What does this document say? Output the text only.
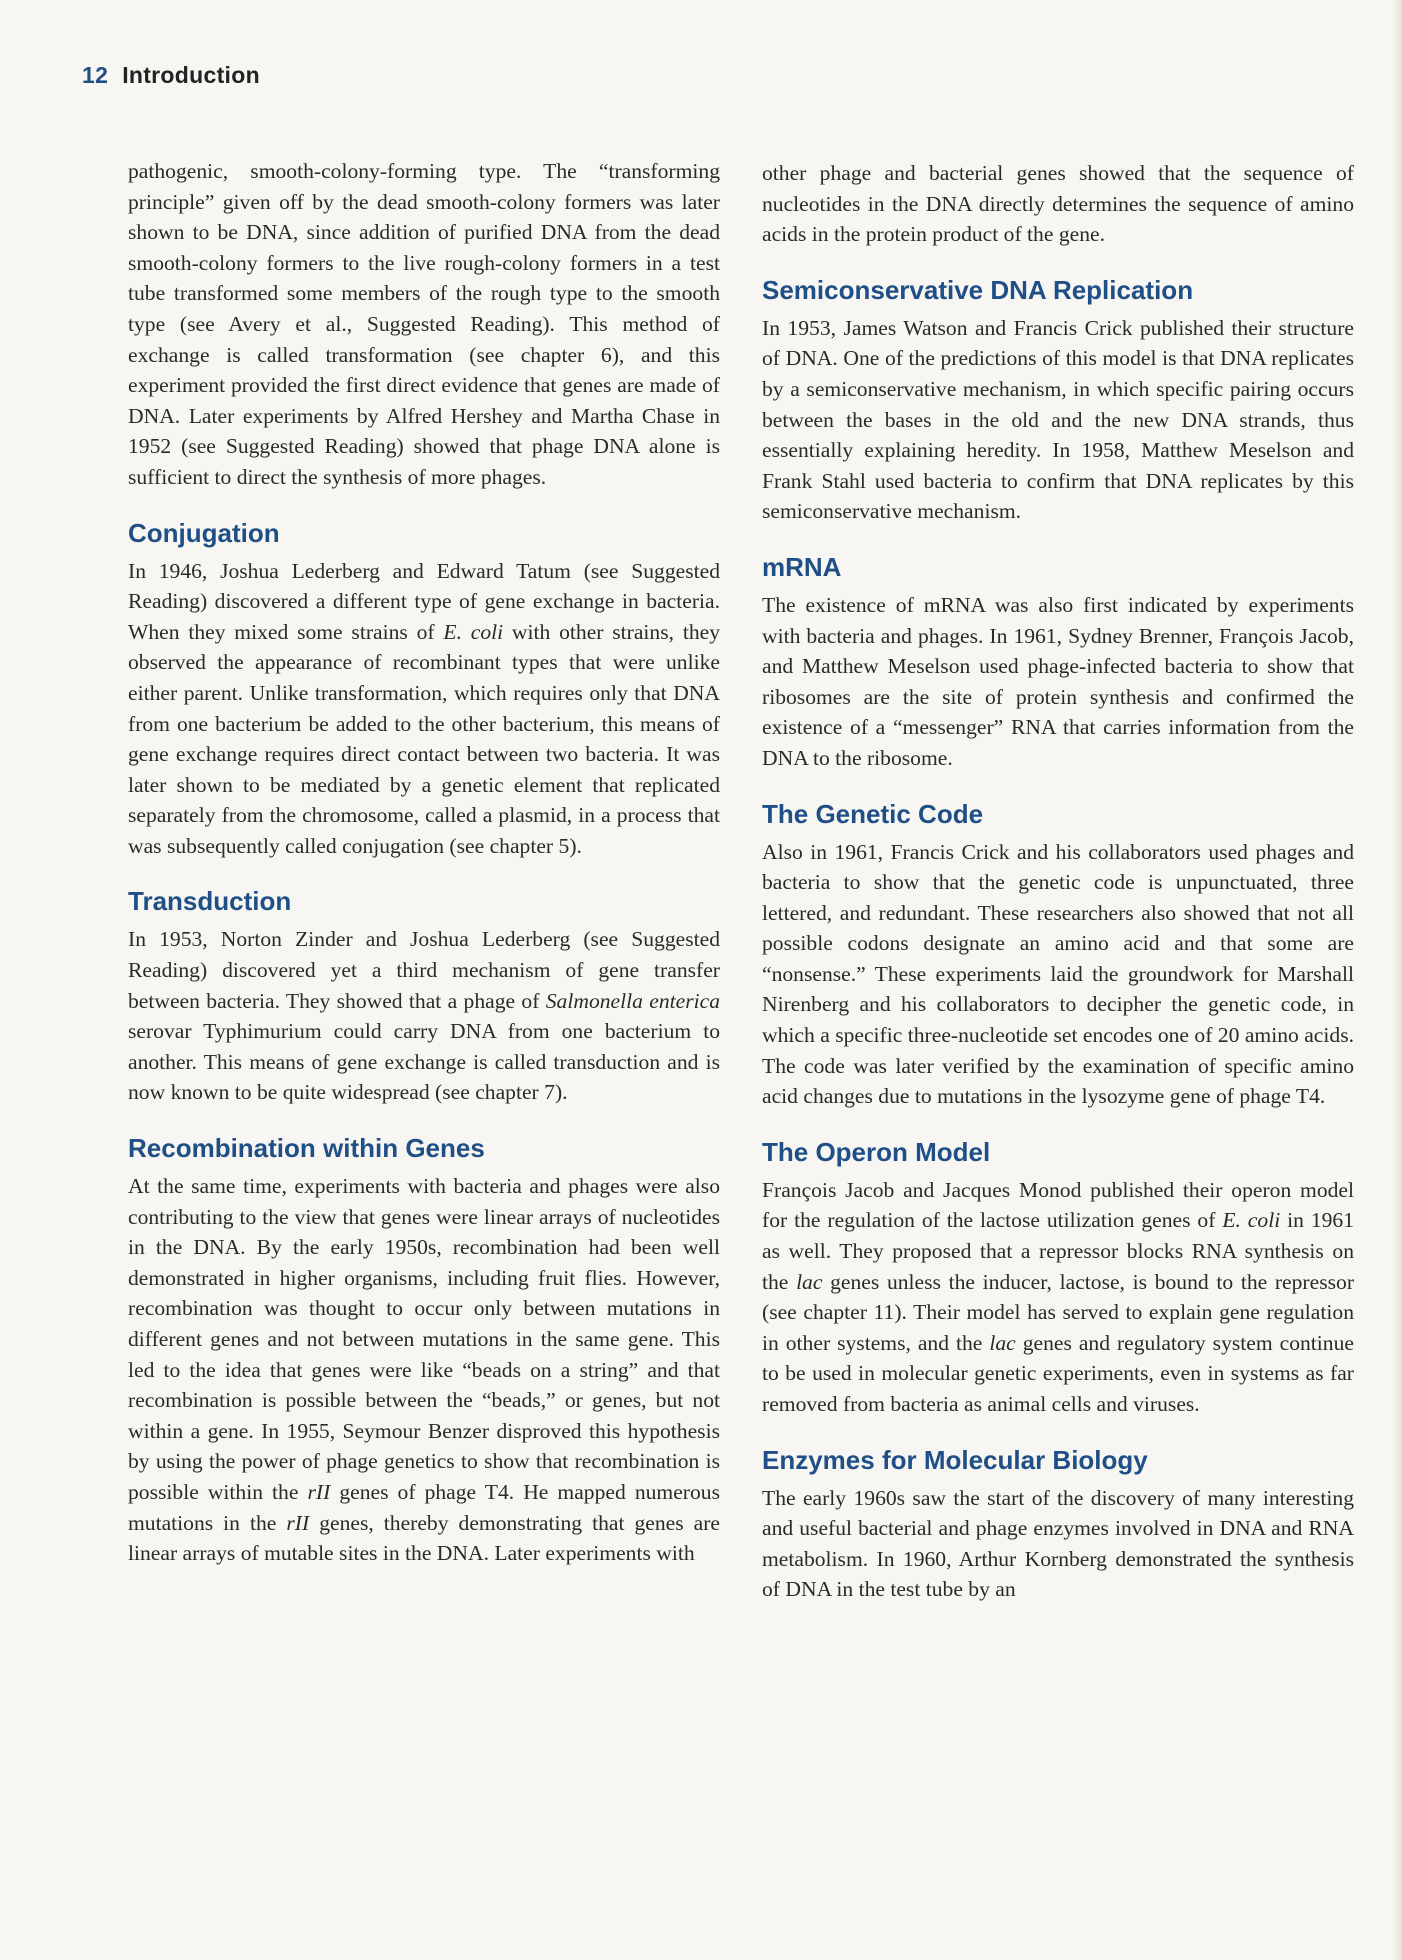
12 Introduction

pathogenic, smooth-colony-forming type. The “transforming principle” given off by the dead smooth-colony formers was later shown to be DNA, since addition of purified DNA from the dead smooth-colony formers to the live rough-colony formers in a test tube transformed some members of the rough type to the smooth type (see Avery et al., Suggested Reading). This method of exchange is called transformation (see chapter 6), and this experiment provided the first direct evidence that genes are made of DNA. Later experiments by Alfred Hershey and Martha Chase in 1952 (see Suggested Reading) showed that phage DNA alone is sufficient to direct the synthesis of more phages.

Conjugation

In 1946, Joshua Lederberg and Edward Tatum (see Suggested Reading) discovered a different type of gene exchange in bacteria. When they mixed some strains of E. coli with other strains, they observed the appearance of recombinant types that were unlike either parent. Unlike transformation, which requires only that DNA from one bacterium be added to the other bacterium, this means of gene exchange requires direct contact between two bacteria. It was later shown to be mediated by a genetic element that replicated separately from the chromosome, called a plasmid, in a process that was subsequently called conjugation (see chapter 5).

Transduction

In 1953, Norton Zinder and Joshua Lederberg (see Suggested Reading) discovered yet a third mechanism of gene transfer between bacteria. They showed that a phage of Salmonella enterica serovar Typhimurium could carry DNA from one bacterium to another. This means of gene exchange is called transduction and is now known to be quite widespread (see chapter 7).

Recombination within Genes

At the same time, experiments with bacteria and phages were also contributing to the view that genes were linear arrays of nucleotides in the DNA. By the early 1950s, recombination had been well demonstrated in higher organisms, including fruit flies. However, recombination was thought to occur only between mutations in different genes and not between mutations in the same gene. This led to the idea that genes were like “beads on a string” and that recombination is possible between the “beads,” or genes, but not within a gene. In 1955, Seymour Benzer disproved this hypothesis by using the power of phage genetics to show that recombination is possible within the rII genes of phage T4. He mapped numerous mutations in the rII genes, thereby demonstrating that genes are linear arrays of mutable sites in the DNA. Later experiments with

other phage and bacterial genes showed that the sequence of nucleotides in the DNA directly determines the sequence of amino acids in the protein product of the gene.

Semiconservative DNA Replication

In 1953, James Watson and Francis Crick published their structure of DNA. One of the predictions of this model is that DNA replicates by a semiconservative mechanism, in which specific pairing occurs between the bases in the old and the new DNA strands, thus essentially explaining heredity. In 1958, Matthew Meselson and Frank Stahl used bacteria to confirm that DNA replicates by this semiconservative mechanism.

mRNA

The existence of mRNA was also first indicated by experiments with bacteria and phages. In 1961, Sydney Brenner, François Jacob, and Matthew Meselson used phage-infected bacteria to show that ribosomes are the site of protein synthesis and confirmed the existence of a “messenger” RNA that carries information from the DNA to the ribosome.

The Genetic Code

Also in 1961, Francis Crick and his collaborators used phages and bacteria to show that the genetic code is unpunctuated, three lettered, and redundant. These researchers also showed that not all possible codons designate an amino acid and that some are “nonsense.” These experiments laid the groundwork for Marshall Nirenberg and his collaborators to decipher the genetic code, in which a specific three-nucleotide set encodes one of 20 amino acids. The code was later verified by the examination of specific amino acid changes due to mutations in the lysozyme gene of phage T4.

The Operon Model

François Jacob and Jacques Monod published their operon model for the regulation of the lactose utilization genes of E. coli in 1961 as well. They proposed that a repressor blocks RNA synthesis on the lac genes unless the inducer, lactose, is bound to the repressor (see chapter 11). Their model has served to explain gene regulation in other systems, and the lac genes and regulatory system continue to be used in molecular genetic experiments, even in systems as far removed from bacteria as animal cells and viruses.

Enzymes for Molecular Biology

The early 1960s saw the start of the discovery of many interesting and useful bacterial and phage enzymes involved in DNA and RNA metabolism. In 1960, Arthur Kornberg demonstrated the synthesis of DNA in the test tube by an
